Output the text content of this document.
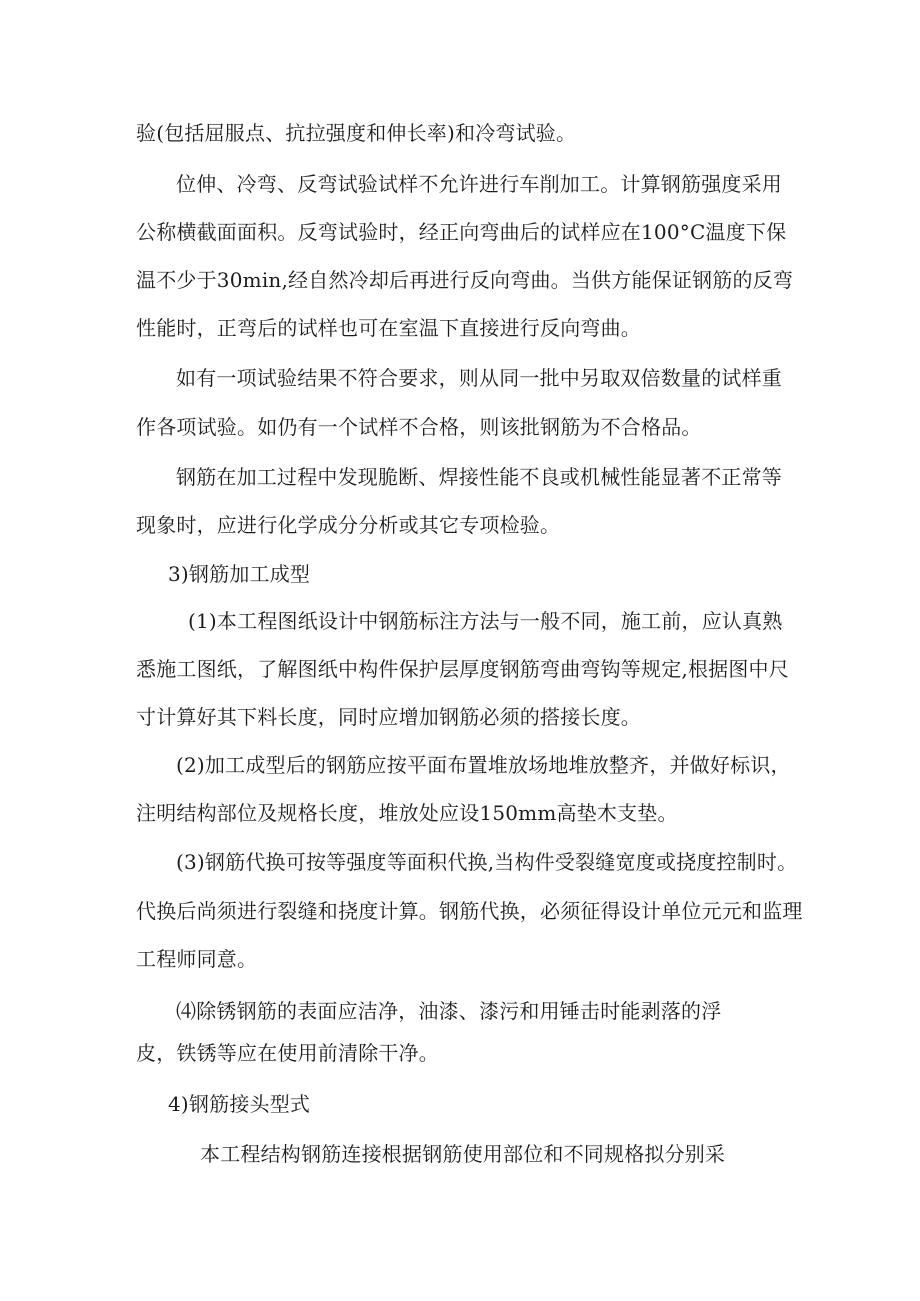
验(包括屈服点、抗拉强度和伸长率)和冷弯试验。
位伸、冷弯、反弯试验试样不允许进行车削加工。计算钢筋强度采用
公称横截面面积。反弯试验时，经正向弯曲后的试样应在100°C温度下保
温不少于30min,经自然冷却后再进行反向弯曲。当供方能保证钢筋的反弯
性能时，正弯后的试样也可在室温下直接进行反向弯曲。
如有一项试验结果不符合要求，则从同一批中另取双倍数量的试样重
作各项试验。如仍有一个试样不合格，则该批钢筋为不合格品。
钢筋在加工过程中发现脆断、焊接性能不良或机械性能显著不正常等
现象时，应进行化学成分分析或其它专项检验。
3)钢筋加工成型
(1)本工程图纸设计中钢筋标注方法与一般不同，施工前，应认真熟
悉施工图纸，了解图纸中构件保护层厚度钢筋弯曲弯钩等规定,根据图中尺
寸计算好其下料长度，同时应增加钢筋必须的搭接长度。
(2)加工成型后的钢筋应按平面布置堆放场地堆放整齐，并做好标识，
注明结构部位及规格长度，堆放处应设150mm高垫木支垫。
(3)钢筋代换可按等强度等面积代换,当构件受裂缝宽度或挠度控制时。
代换后尚须进行裂缝和挠度计算。钢筋代换，必须征得设计单位元元和监理
工程师同意。
⑷除锈钢筋的表面应洁净，油漆、漆污和用锤击时能剥落的浮
皮，铁锈等应在使用前清除干净。
4)钢筋接头型式
本工程结构钢筋连接根据钢筋使用部位和不同规格拟分别采
